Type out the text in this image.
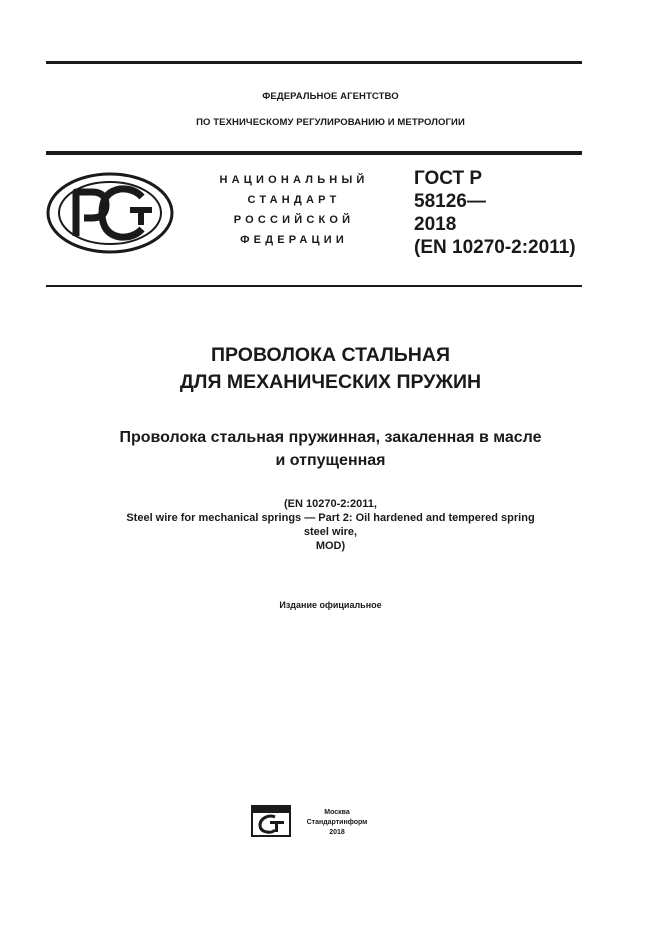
ФЕДЕРАЛЬНОЕ АГЕНТСТВО
ПО ТЕХНИЧЕСКОМУ РЕГУЛИРОВАНИЮ И МЕТРОЛОГИИ
НАЦИОНАЛЬНЫЙ
СТАНДАРТ
РОССИЙСКОЙ
ФЕДЕРАЦИИ
ГОСТ Р
58126—
2018
(EN 10270-2:2011)
ПРОВОЛОКА СТАЛЬНАЯ
ДЛЯ МЕХАНИЧЕСКИХ ПРУЖИН
Проволока стальная пружинная, закаленная в масле
и отпущенная
(EN 10270-2:2011,
Steel wire for mechanical springs — Part 2: Oil hardened and tempered spring
steel wire,
MOD)
Издание официальное
Москва
Стандартинформ
2018
